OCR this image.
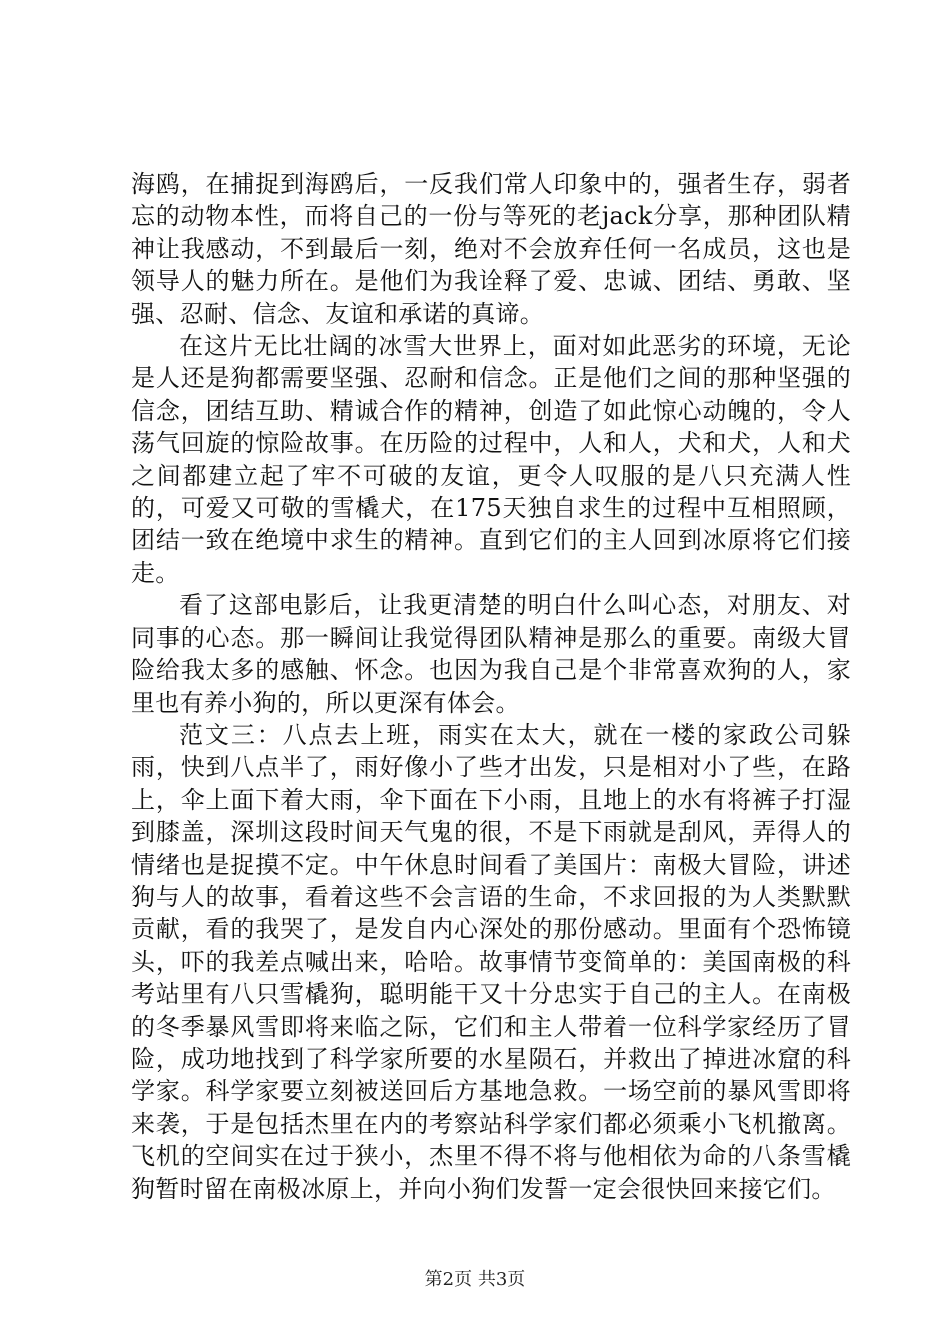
海鸥，在捕捉到海鸥后，一反我们常人印象中的，强者生存，弱者忘的动物本性，而将自己的一份与等死的老jack分享，那种团队精神让我感动，不到最后一刻，绝对不会放弃任何一名成员，这也是领导人的魅力所在。是他们为我诠释了爱、忠诚、团结、勇敢、坚强、忍耐、信念、友谊和承诺的真谛。

在这片无比壮阔的冰雪大世界上，面对如此恶劣的环境，无论是人还是狗都需要坚强、忍耐和信念。正是他们之间的那种坚强的信念，团结互助、精诚合作的精神，创造了如此惊心动魄的，令人荡气回旋的惊险故事。在历险的过程中，人和人，犬和犬，人和犬之间都建立起了牢不可破的友谊，更令人叹服的是八只充满人性的，可爱又可敬的雪橇犬，在175天独自求生的过程中互相照顾，团结一致在绝境中求生的精神。直到它们的主人回到冰原将它们接走。

看了这部电影后，让我更清楚的明白什么叫心态，对朋友、对同事的心态。那一瞬间让我觉得团队精神是那么的重要。南级大冒险给我太多的感触、怀念。也因为我自己是个非常喜欢狗的人，家里也有养小狗的，所以更深有体会。

范文三：八点去上班，雨实在太大，就在一楼的家政公司躲雨，快到八点半了，雨好像小了些才出发，只是相对小了些，在路上，伞上面下着大雨，伞下面在下小雨，且地上的水有将裤子打湿到膝盖，深圳这段时间天气鬼的很，不是下雨就是刮风，弄得人的情绪也是捉摸不定。中午休息时间看了美国片：南极大冒险，讲述狗与人的故事，看着这些不会言语的生命，不求回报的为人类默默贡献，看的我哭了，是发自内心深处的那份感动。里面有个恐怖镜头，吓的我差点喊出来，哈哈。故事情节变简单的：美国南极的科考站里有八只雪橇狗，聪明能干又十分忠实于自己的主人。在南极的冬季暴风雪即将来临之际，它们和主人带着一位科学家经历了冒险，成功地找到了科学家所要的水星陨石，并救出了掉进冰窟的科学家。科学家要立刻被送回后方基地急救。一场空前的暴风雪即将来袭，于是包括杰里在内的考察站科学家们都必须乘小飞机撤离。飞机的空间实在过于狭小，杰里不得不将与他相依为命的八条雪橇狗暂时留在南极冰原上，并向小狗们发誓一定会很快回来接它们。

第2页 共3页
